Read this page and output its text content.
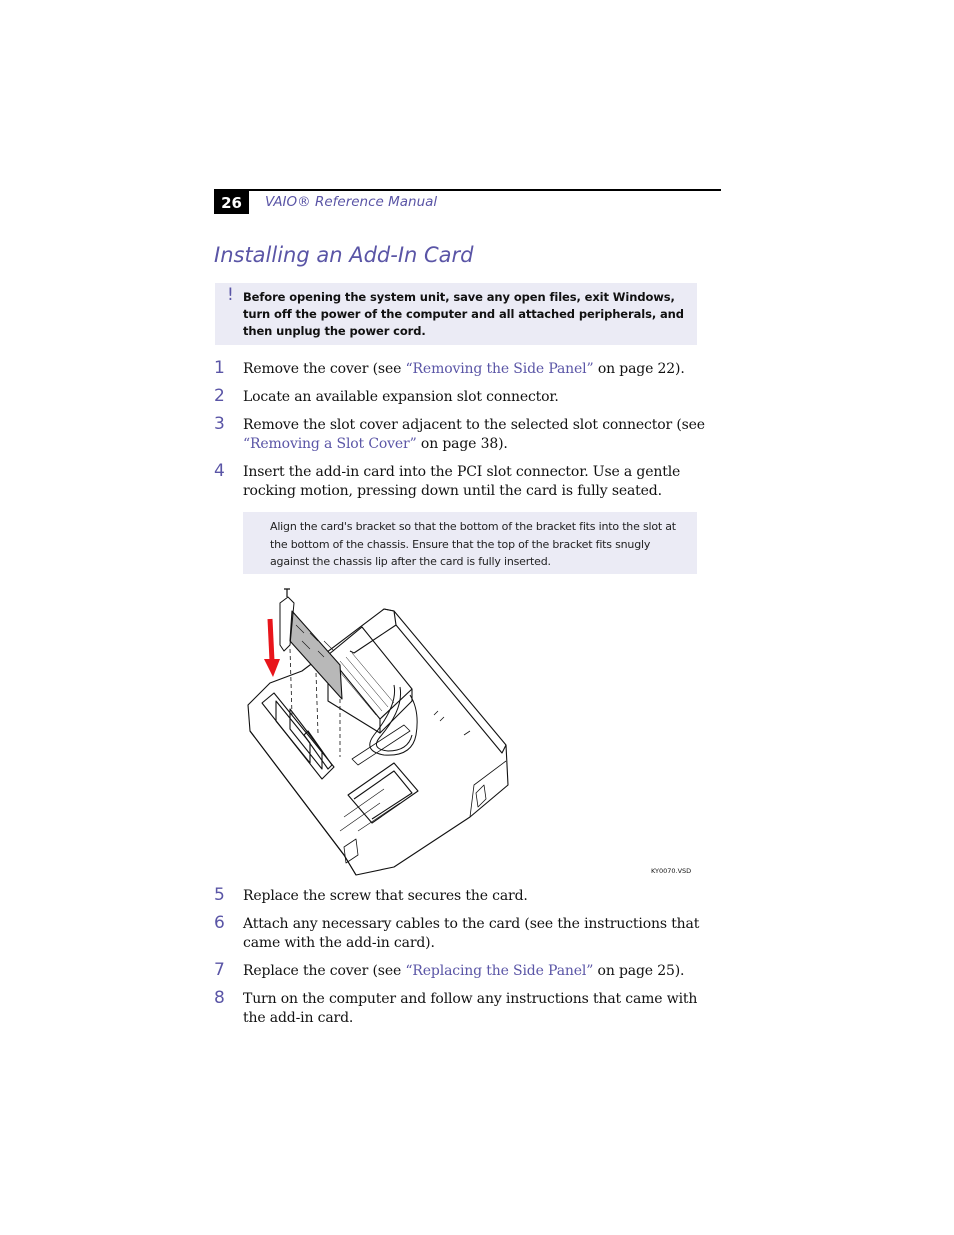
26	VAIO® Reference Manual
Installing an Add-In Card
! Before opening the system unit, save any open files, exit Windows, turn off the power of the computer and all attached peripherals, and then unplug the power cord.
1 Remove the cover (see “Removing the Side Panel” on page 22).
2 Locate an available expansion slot connector.
3 Remove the slot cover adjacent to the selected slot connector (see “Removing a Slot Cover” on page 38).
4 Insert the add-in card into the PCI slot connector. Use a gentle rocking motion, pressing down until the card is fully seated.
Align the card's bracket so that the bottom of the bracket fits into the slot at the bottom of the chassis. Ensure that the top of the bracket fits snugly against the chassis lip after the card is fully inserted.
KY0070.VSD
5 Replace the screw that secures the card.
6 Attach any necessary cables to the card (see the instructions that came with the add-in card).
7 Replace the cover (see “Replacing the Side Panel” on page 25).
8 Turn on the computer and follow any instructions that came with the add-in card.
